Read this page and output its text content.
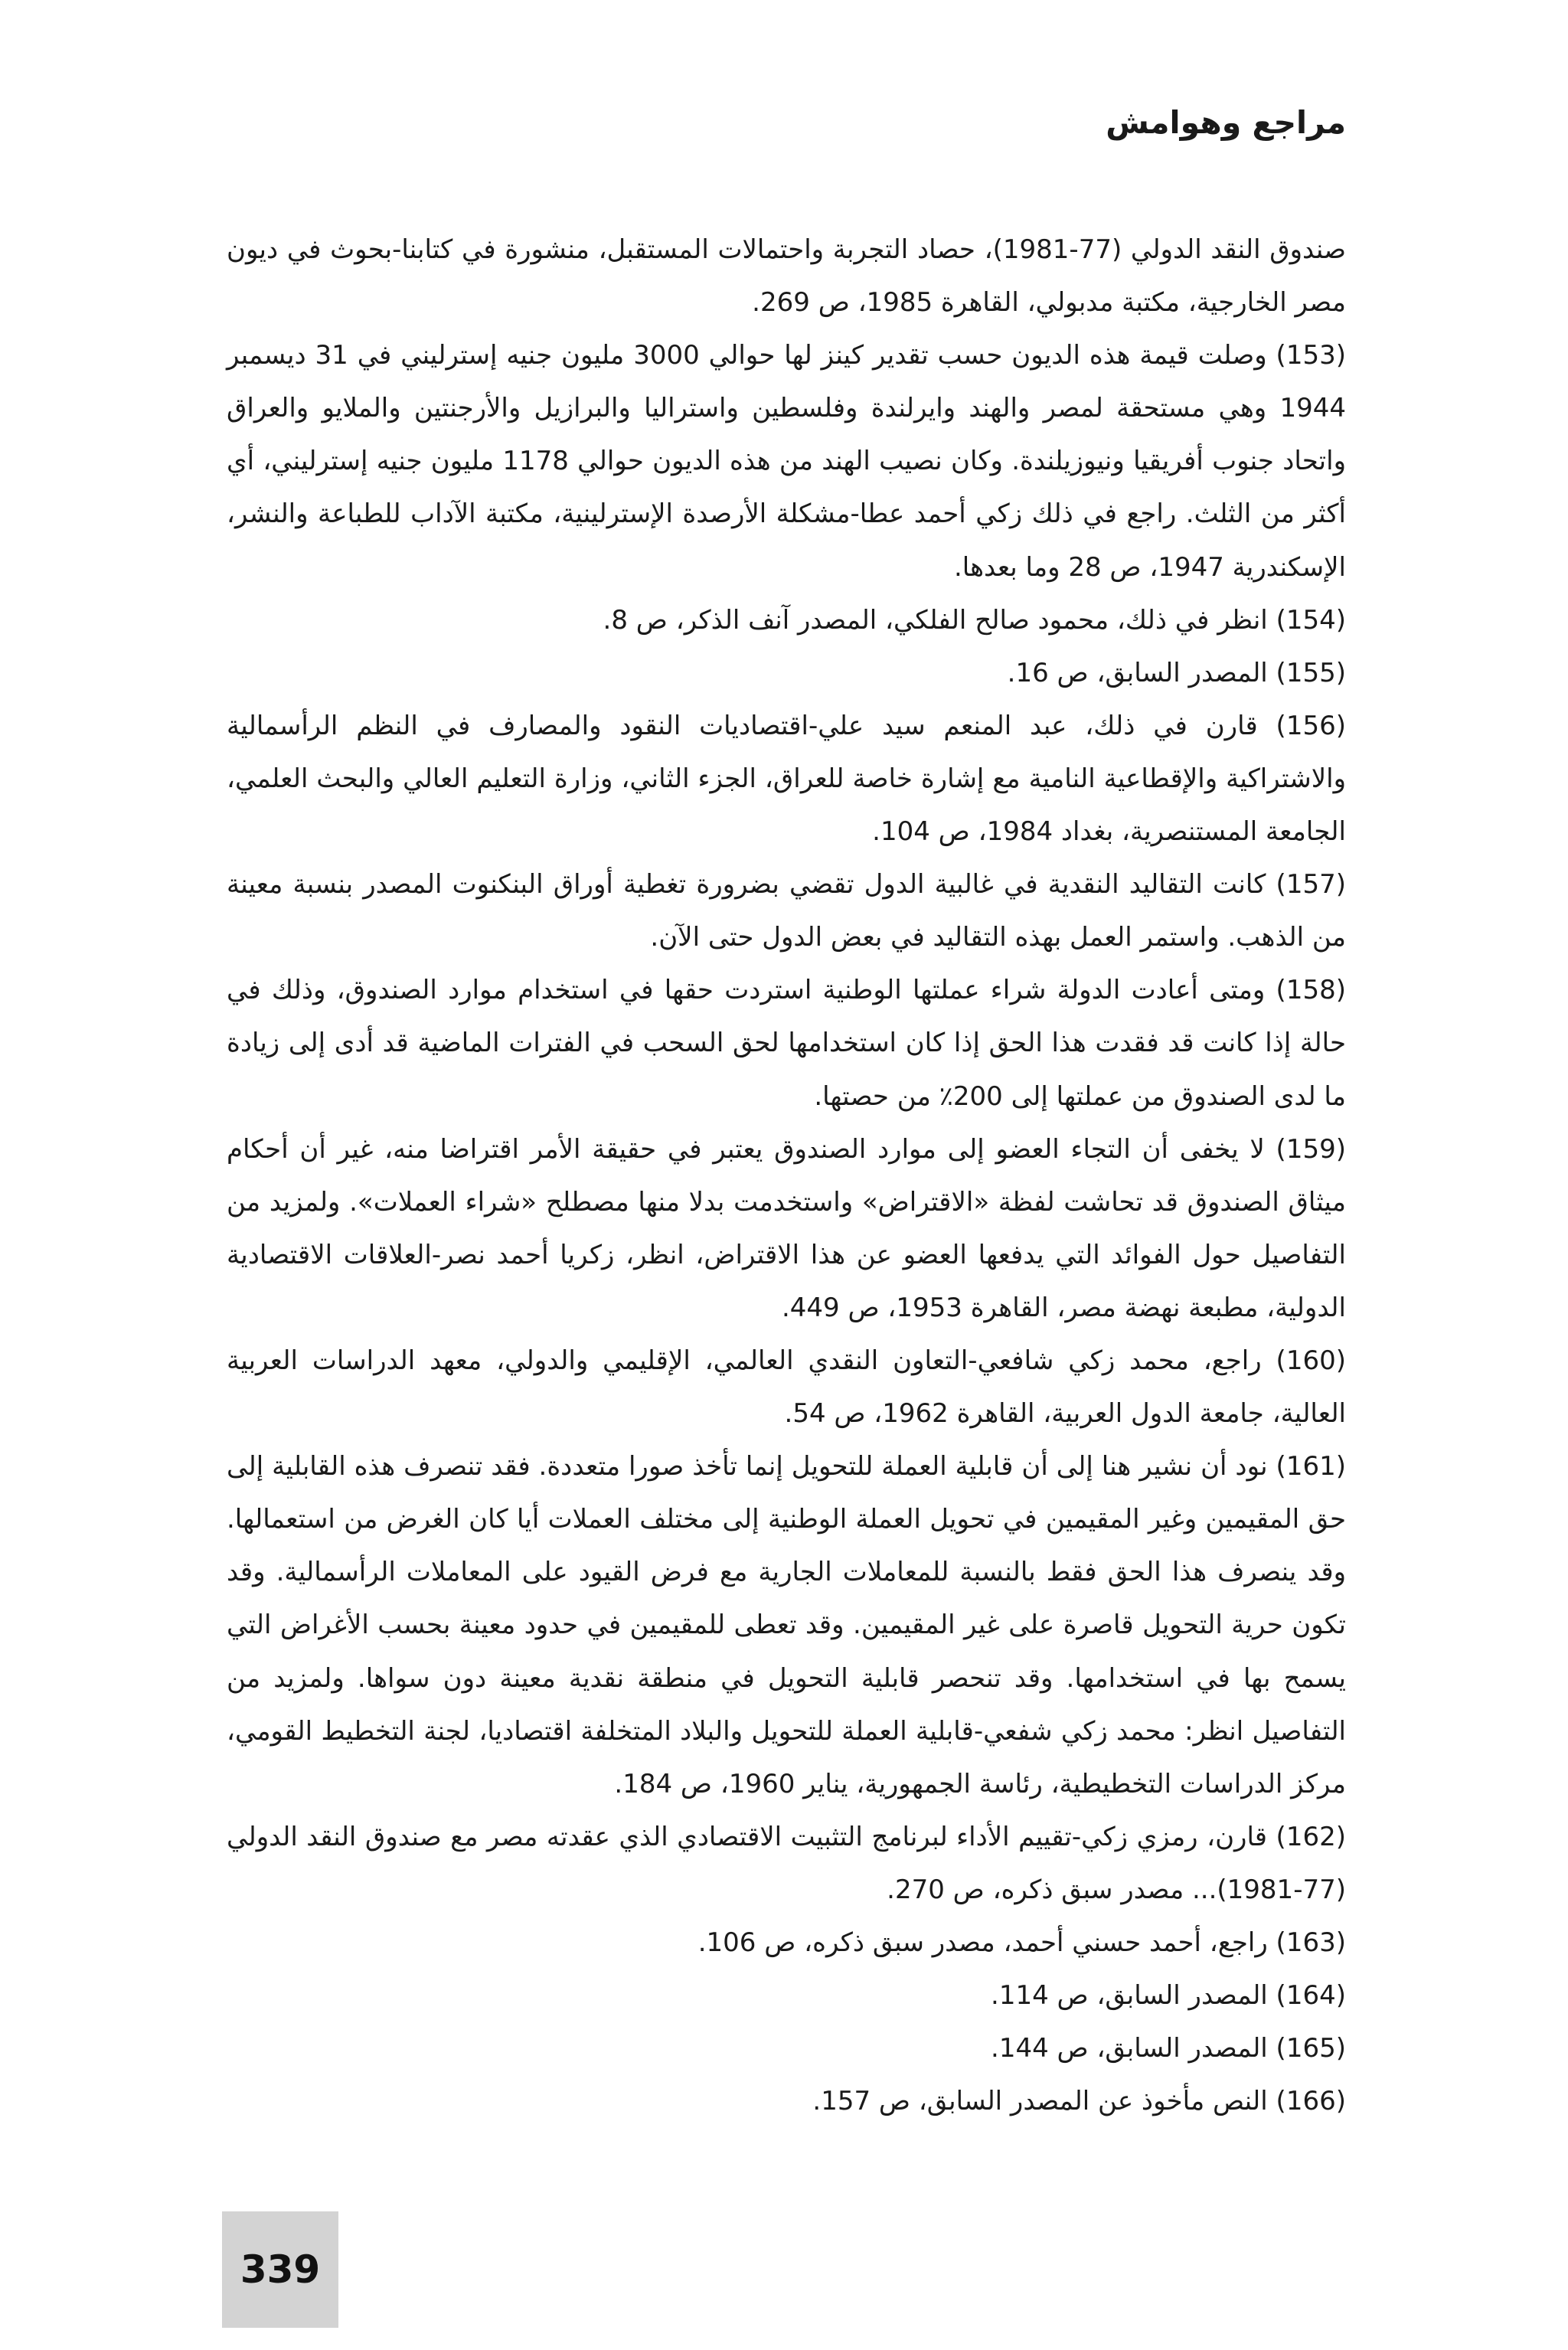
مراجع وهوامش

صندوق النقد الدولي (77-1981)، حصاد التجربة واحتمالات المستقبل، منشورة في كتابنا-بحوث في ديون مصر الخارجية، مكتبة مدبولي، القاهرة 1985، ص 269.

(153) وصلت قيمة هذه الديون حسب تقدير كينز لها حوالي 3000 مليون جنيه إسترليني في 31 ديسمبر 1944 وهي مستحقة لمصر والهند وايرلندة وفلسطين واستراليا والبرازيل والأرجنتين والملايو والعراق واتحاد جنوب أفريقيا ونيوزيلندة. وكان نصيب الهند من هذه الديون حوالي 1178 مليون جنيه إسترليني، أي أكثر من الثلث. راجع في ذلك زكي أحمد عطا-مشكلة الأرصدة الإسترلينية، مكتبة الآداب للطباعة والنشر، الإسكندرية 1947، ص 28 وما بعدها.

(154) انظر في ذلك، محمود صالح الفلكي، المصدر آنف الذكر، ص 8.

(155) المصدر السابق، ص 16.

(156) قارن في ذلك، عبد المنعم سيد علي-اقتصاديات النقود والمصارف في النظم الرأسمالية والاشتراكية والإقطاعية النامية مع إشارة خاصة للعراق، الجزء الثاني، وزارة التعليم العالي والبحث العلمي، الجامعة المستنصرية، بغداد 1984، ص 104.

(157) كانت التقاليد النقدية في غالبية الدول تقضي بضرورة تغطية أوراق البنكنوت المصدر بنسبة معينة من الذهب. واستمر العمل بهذه التقاليد في بعض الدول حتى الآن.

(158) ومتى أعادت الدولة شراء عملتها الوطنية استردت حقها في استخدام موارد الصندوق، وذلك في حالة إذا كانت قد فقدت هذا الحق إذا كان استخدامها لحق السحب في الفترات الماضية قد أدى إلى زيادة ما لدى الصندوق من عملتها إلى 200٪ من حصتها.

(159) لا يخفى أن التجاء العضو إلى موارد الصندوق يعتبر في حقيقة الأمر اقتراضا منه، غير أن أحكام ميثاق الصندوق قد تحاشت لفظة «الاقتراض» واستخدمت بدلا منها مصطلح «شراء العملات». ولمزيد من التفاصيل حول الفوائد التي يدفعها العضو عن هذا الاقتراض، انظر، زكريا أحمد نصر-العلاقات الاقتصادية الدولية، مطبعة نهضة مصر، القاهرة 1953، ص 449.

(160) راجع، محمد زكي شافعي-التعاون النقدي العالمي، الإقليمي والدولي، معهد الدراسات العربية العالية، جامعة الدول العربية، القاهرة 1962، ص 54.

(161) نود أن نشير هنا إلى أن قابلية العملة للتحويل إنما تأخذ صورا متعددة. فقد تنصرف هذه القابلية إلى حق المقيمين وغير المقيمين في تحويل العملة الوطنية إلى مختلف العملات أيا كان الغرض من استعمالها. وقد ينصرف هذا الحق فقط بالنسبة للمعاملات الجارية مع فرض القيود على المعاملات الرأسمالية. وقد تكون حرية التحويل قاصرة على غير المقيمين. وقد تعطى للمقيمين في حدود معينة بحسب الأغراض التي يسمح بها في استخدامها. وقد تنحصر قابلية التحويل في منطقة نقدية معينة دون سواها. ولمزيد من التفاصيل انظر: محمد زكي شفعي-قابلية العملة للتحويل والبلاد المتخلفة اقتصاديا، لجنة التخطيط القومي، مركز الدراسات التخطيطية، رئاسة الجمهورية، يناير 1960، ص 184.

(162) قارن، رمزي زكي-تقييم الأداء لبرنامج التثبيت الاقتصادي الذي عقدته مصر مع صندوق النقد الدولي (77-1981)... مصدر سبق ذكره، ص 270.

(163) راجع، أحمد حسني أحمد، مصدر سبق ذكره، ص 106.

(164) المصدر السابق، ص 114.

(165) المصدر السابق، ص 144.

(166) النص مأخوذ عن المصدر السابق، ص 157.

339
